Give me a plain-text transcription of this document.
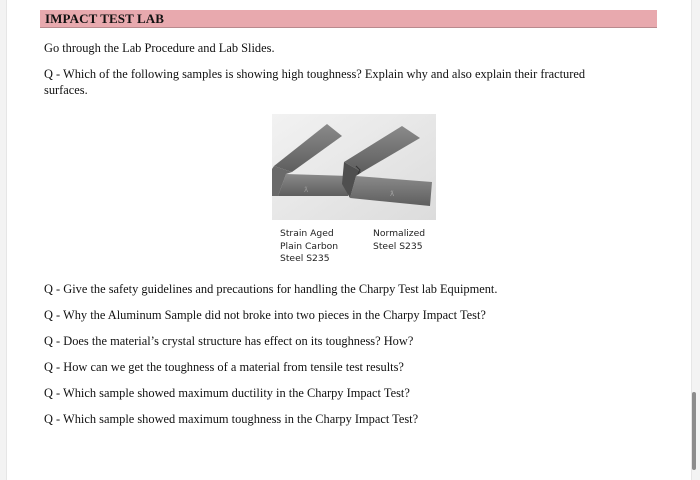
IMPACT TEST LAB
Go through the Lab Procedure and Lab Slides.
Q - Which of the following samples is showing high toughness? Explain why and also explain their fractured
surfaces.
ƛ	ƛ
Strain Aged
Plain Carbon
Steel S235
Normalized
Steel S235
Q - Give the safety guidelines and precautions for handling the Charpy Test lab Equipment.
Q - Why the Aluminum Sample did not broke into two pieces in the Charpy Impact Test?
Q - Does the material’s crystal structure has effect on its toughness? How?
Q - How can we get the toughness of a material from tensile test results?
Q - Which sample showed maximum ductility in the Charpy Impact Test?
Q - Which sample showed maximum toughness in the Charpy Impact Test?
